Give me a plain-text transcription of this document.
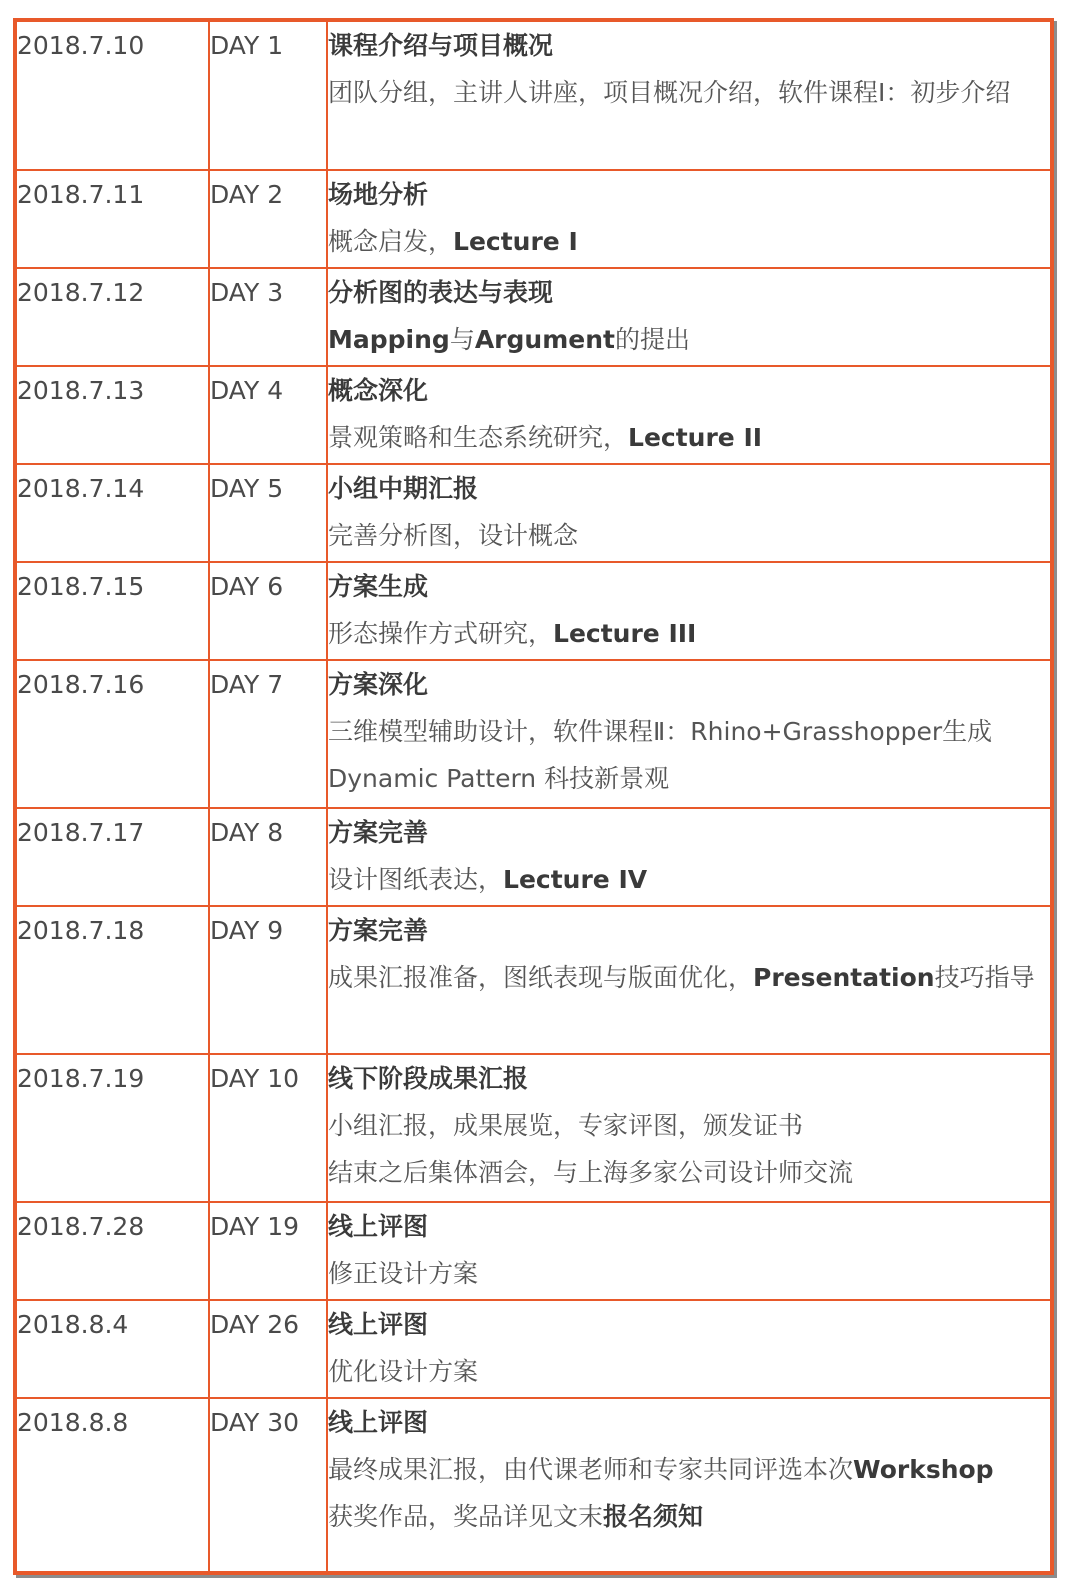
2018.7.10	DAY 1	课程介绍与项目概况
团队分组，主讲人讲座，项目概况介绍，软件课程Ⅰ：初步介绍

2018.7.11	DAY 2	场地分析
概念启发，Lecture I

2018.7.12	DAY 3	分析图的表达与表现
Mapping与Argument的提出

2018.7.13	DAY 4	概念深化
景观策略和生态系统研究，Lecture II

2018.7.14	DAY 5	小组中期汇报
完善分析图，设计概念

2018.7.15	DAY 6	方案生成
形态操作方式研究，Lecture III

2018.7.16	DAY 7	方案深化
三维模型辅助设计，软件课程Ⅱ：Rhino+Grasshopper生成
Dynamic Pattern 科技新景观

2018.7.17	DAY 8	方案完善
设计图纸表达，Lecture IV

2018.7.18	DAY 9	方案完善
成果汇报准备，图纸表现与版面优化，Presentation技巧指导

2018.7.19	DAY 10	线下阶段成果汇报
小组汇报，成果展览，专家评图，颁发证书
结束之后集体酒会，与上海多家公司设计师交流

2018.7.28	DAY 19	线上评图
修正设计方案

2018.8.4	DAY 26	线上评图
优化设计方案

2018.8.8	DAY 30	线上评图
最终成果汇报，由代课老师和专家共同评选本次Workshop
获奖作品，奖品详见文末报名须知
